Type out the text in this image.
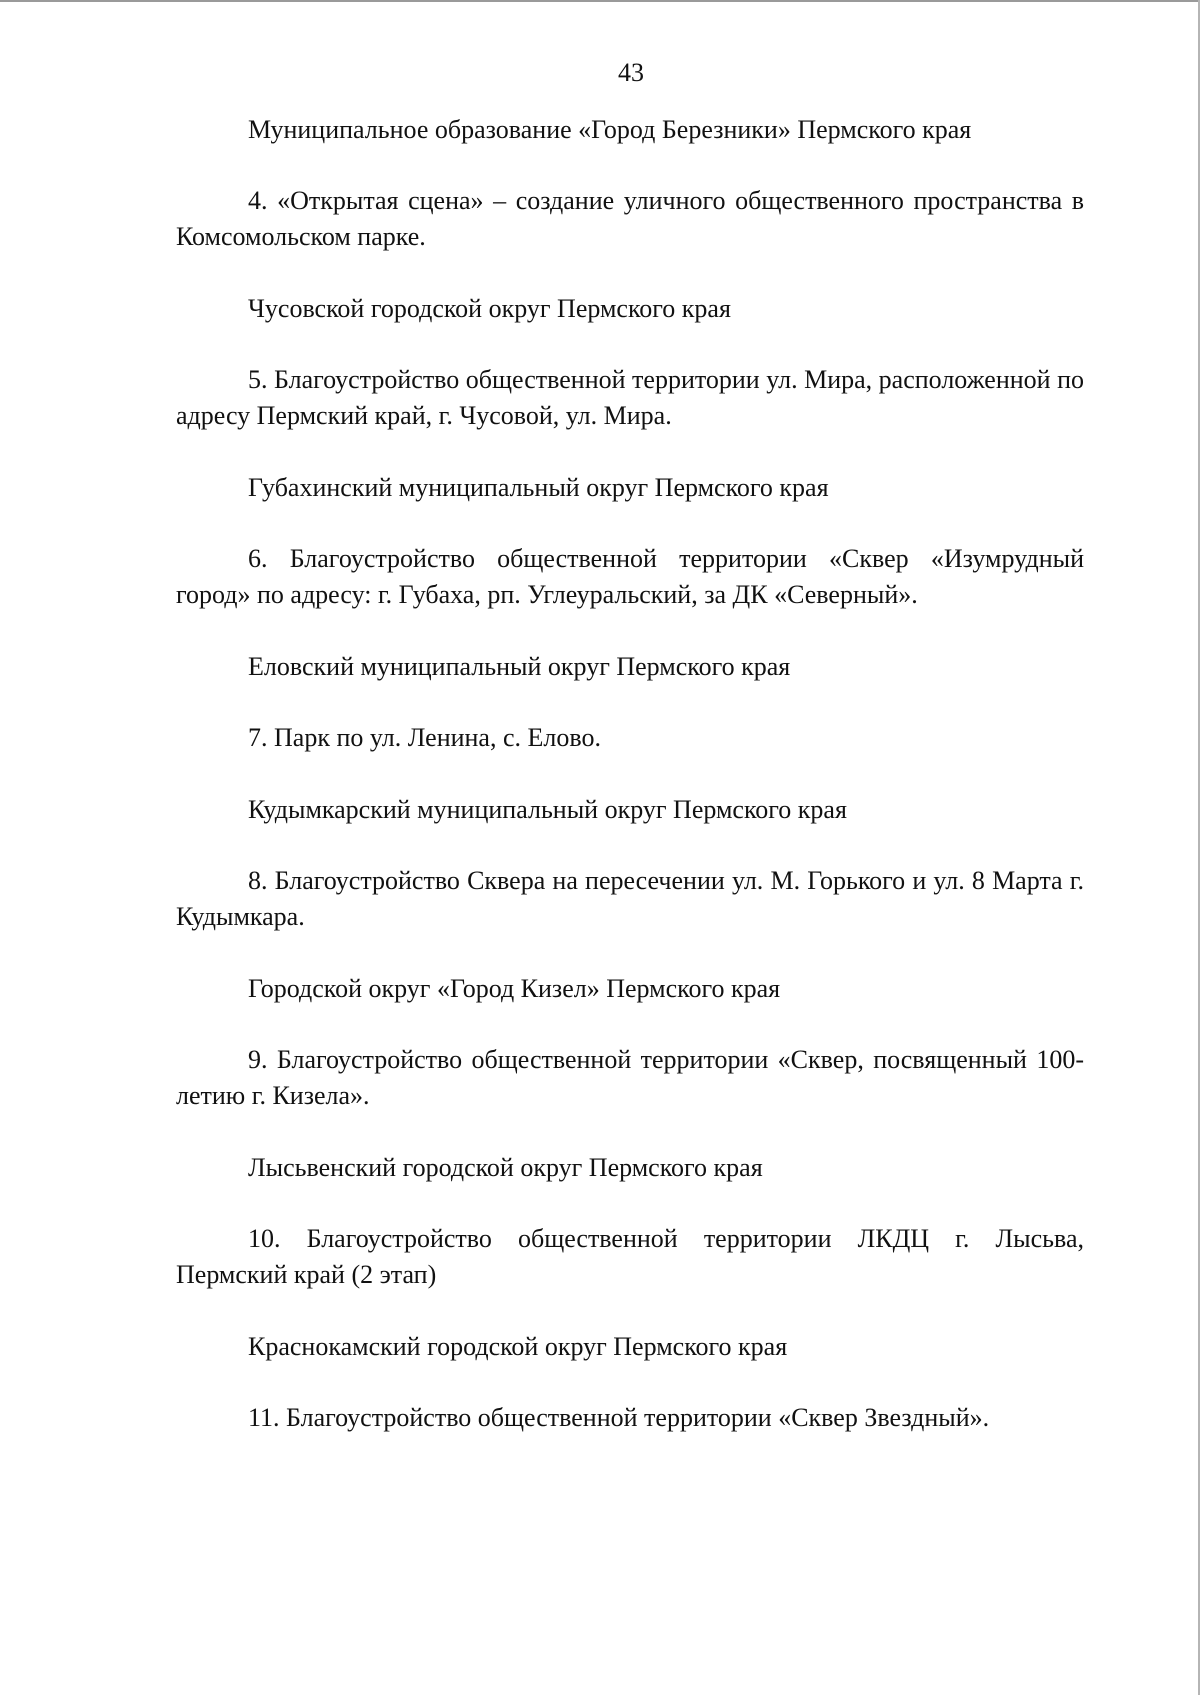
43

Муниципальное образование «Город Березники» Пермского края

4. «Открытая сцена» – создание уличного общественного пространства в Комсомольском парке.

Чусовской городской округ Пермского края

5. Благоустройство общественной территории ул. Мира, расположенной по адресу Пермский край, г. Чусовой, ул. Мира.

Губахинский муниципальный округ Пермского края

6. Благоустройство общественной территории «Сквер «Изумрудный город» по адресу: г. Губаха, рп. Углеуральский, за ДК «Северный».

Еловский муниципальный округ Пермского края

7. Парк по ул. Ленина, с. Елово.

Кудымкарский муниципальный округ Пермского края

8. Благоустройство Сквера на пересечении ул. М. Горького и ул. 8 Марта г. Кудымкара.

Городской округ «Город Кизел» Пермского края

9. Благоустройство общественной территории «Сквер, посвященный 100-летию г. Кизела».

Лысьвенский городской округ Пермского края

10. Благоустройство общественной территории ЛКДЦ г. Лысьва, Пермский край (2 этап)

Краснокамский городской округ Пермского края

11. Благоустройство общественной территории «Сквер Звездный».
